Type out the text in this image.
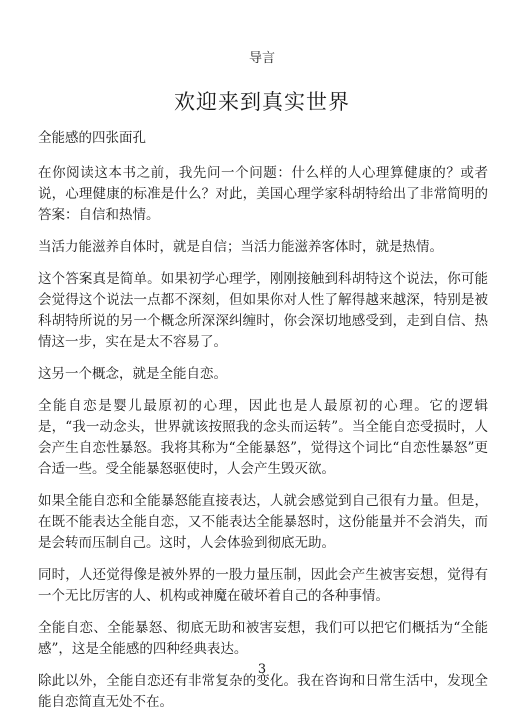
导言
欢迎来到真实世界
全能感的四张面孔

在你阅读这本书之前，我先问一个问题：什么样的人心理算健康的？或者说，心理健康的标准是什么？对此，美国心理学家科胡特给出了非常简明的答案：自信和热情。

当活力能滋养自体时，就是自信；当活力能滋养客体时，就是热情。

这个答案真是简单。如果初学心理学，刚刚接触到科胡特这个说法，你可能会觉得这个说法一点都不深刻，但如果你对人性了解得越来越深，特别是被科胡特所说的另一个概念所深深纠缠时，你会深切地感受到，走到自信、热情这一步，实在是太不容易了。

这另一个概念，就是全能自恋。

全能自恋是婴儿最原初的心理，因此也是人最原初的心理。它的逻辑是，“我一动念头，世界就该按照我的念头而运转”。当全能自恋受损时，人会产生自恋性暴怒。我将其称为“全能暴怒”，觉得这个词比“自恋性暴怒”更合适一些。受全能暴怒驱使时，人会产生毁灭欲。

如果全能自恋和全能暴怒能直接表达，人就会感觉到自己很有力量。但是，在既不能表达全能自恋，又不能表达全能暴怒时，这份能量并不会消失，而是会转而压制自己。这时，人会体验到彻底无助。

同时，人还觉得像是被外界的一股力量压制，因此会产生被害妄想，觉得有一个无比厉害的人、机构或神魔在破坏着自己的各种事情。

全能自恋、全能暴怒、彻底无助和被害妄想，我们可以把它们概括为“全能感”，这是全能感的四种经典表达。

除此以外，全能自恋还有非常复杂的变化。我在咨询和日常生活中，发现全能自恋简直无处不在。

3
